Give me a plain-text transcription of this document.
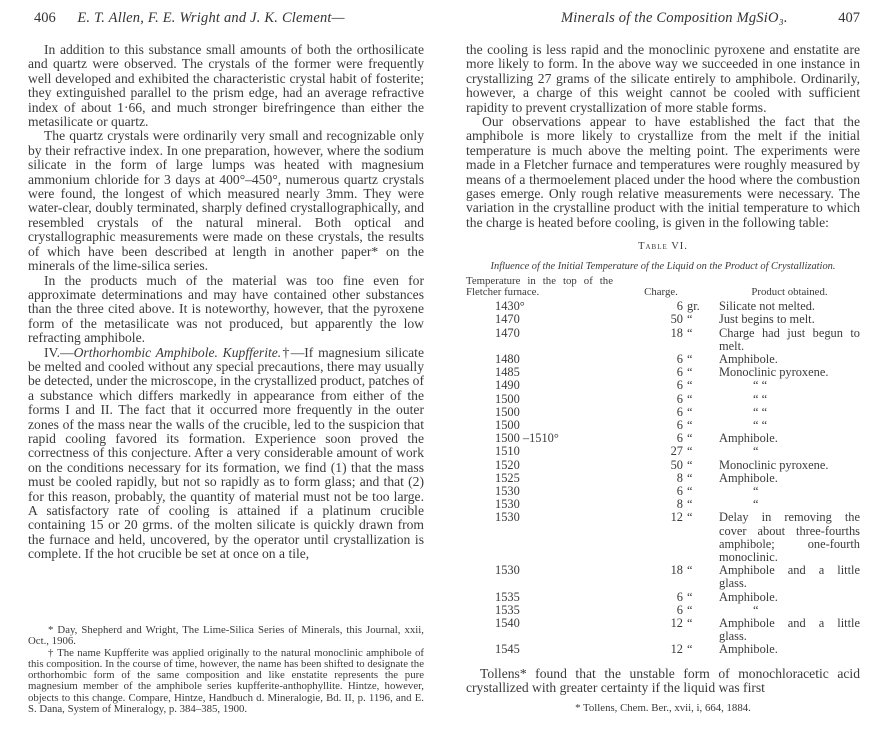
406 E. T. Allen, F. E. Wright and J. K. Clement—

In addition to this substance small amounts of both the orthosilicate and quartz were observed. The crystals of the former were frequently well developed and exhibited the characteristic crystal habit of fosterite; they extinguished parallel to the prism edge, had an average refractive index of about 1·66, and much stronger birefringence than either the metasilicate or quartz.

The quartz crystals were ordinarily very small and recognizable only by their refractive index. In one preparation, however, where the sodium silicate in the form of large lumps was heated with magnesium ammonium chloride for 3 days at 400°–450°, numerous quartz crystals were found, the longest of which measured nearly 3mm. They were water-clear, doubly terminated, sharply defined crystallographically, and resembled crystals of the natural mineral. Both optical and crystallographic measurements were made on these crystals, the results of which have been described at length in another paper* on the minerals of the lime-silica series.

In the products much of the material was too fine even for approximate determinations and may have contained other substances than the three cited above. It is noteworthy, however, that the pyroxene form of the metasilicate was not produced, but apparently the low refracting amphibole.

IV.—Orthorhombic Amphibole. Kupfferite.†—If magnesium silicate be melted and cooled without any special precautions, there may usually be detected, under the microscope, in the crystallized product, patches of a substance which differs markedly in appearance from either of the forms I and II. The fact that it occurred more frequently in the outer zones of the mass near the walls of the crucible, led to the suspicion that rapid cooling favored its formation. Experience soon proved the correctness of this conjecture. After a very considerable amount of work on the conditions necessary for its formation, we find (1) that the mass must be cooled rapidly, but not so rapidly as to form glass; and that (2) for this reason, probably, the quantity of material must not be too large. A satisfactory rate of cooling is attained if a platinum crucible containing 15 or 20 grms. of the molten silicate is quickly drawn from the furnace and held, uncovered, by the operator until crystallization is complete. If the hot crucible be set at once on a tile,

* Day, Shepherd and Wright, The Lime-Silica Series of Minerals, this Journal, xxii, Oct., 1906.

† The name Kupfferite was applied originally to the natural monoclinic amphibole of this composition. In the course of time, however, the name has been shifted to designate the orthorhombic form of the same composition and like enstatite represents the pure magnesium member of the amphibole series kupfferite-anthophyllite. Hintze, however, objects to this change. Compare, Hintze, Handbuch d. Mineralogie, Bd. II, p. 1196, and E. S. Dana, System of Mineralogy, p. 384–385, 1900.

Minerals of the Composition MgSiO₃.	407

the cooling is less rapid and the monoclinic pyroxene and enstatite are more likely to form. In the above way we succeeded in one instance in crystallizing 27 grams of the silicate entirely to amphibole. Ordinarily, however, a charge of this weight cannot be cooled with sufficient rapidity to prevent crystallization of more stable forms.

Our observations appear to have established the fact that the amphibole is more likely to crystallize from the melt if the initial temperature is much above the melting point. The experiments were made in a Fletcher furnace and temperatures were roughly measured by means of a thermoelement placed under the hood where the combustion gases emerge. Only rough relative measurements were necessary. The variation in the crystalline product with the initial temperature to which the charge is heated before cooling, is given in the following table:

Table VI.
Influence of the Initial Temperature of the Liquid on the Product of Crystallization.
Temperature in the top of the Fletcher furnace.	Charge.		Product obtained.
1430°	6	gr.	Silicate not melted.
1470	50	“	Just begins to melt.
1470	18	“	Charge had just begun to melt.
1480	6	“	Amphibole.
1485	6	“	Monoclinic pyroxene.
1490	6	“	“ “
1500	6	“	“ “
1500	6	“	“ “
1500	6	“	“ “
1500 –1510°	6	“	Amphibole.
1510	27	“	“
1520	50	“	Monoclinic pyroxene.
1525	8	“	Amphibole.
1530	6	“	“
1530	8	“	“
1530	12	“	Delay in removing the cover about three-fourths amphibole; one-fourth monoclinic.
1530	18	“	Amphibole and a little glass.
1535	6	“	Amphibole.
1535	6	“	“
1540	12	“	Amphibole and a little glass.
1545	12	“	Amphibole.

Tollens* found that the unstable form of monochloracetic acid crystallized with greater certainty if the liquid was first

* Tollens, Chem. Ber., xvii, i, 664, 1884.
